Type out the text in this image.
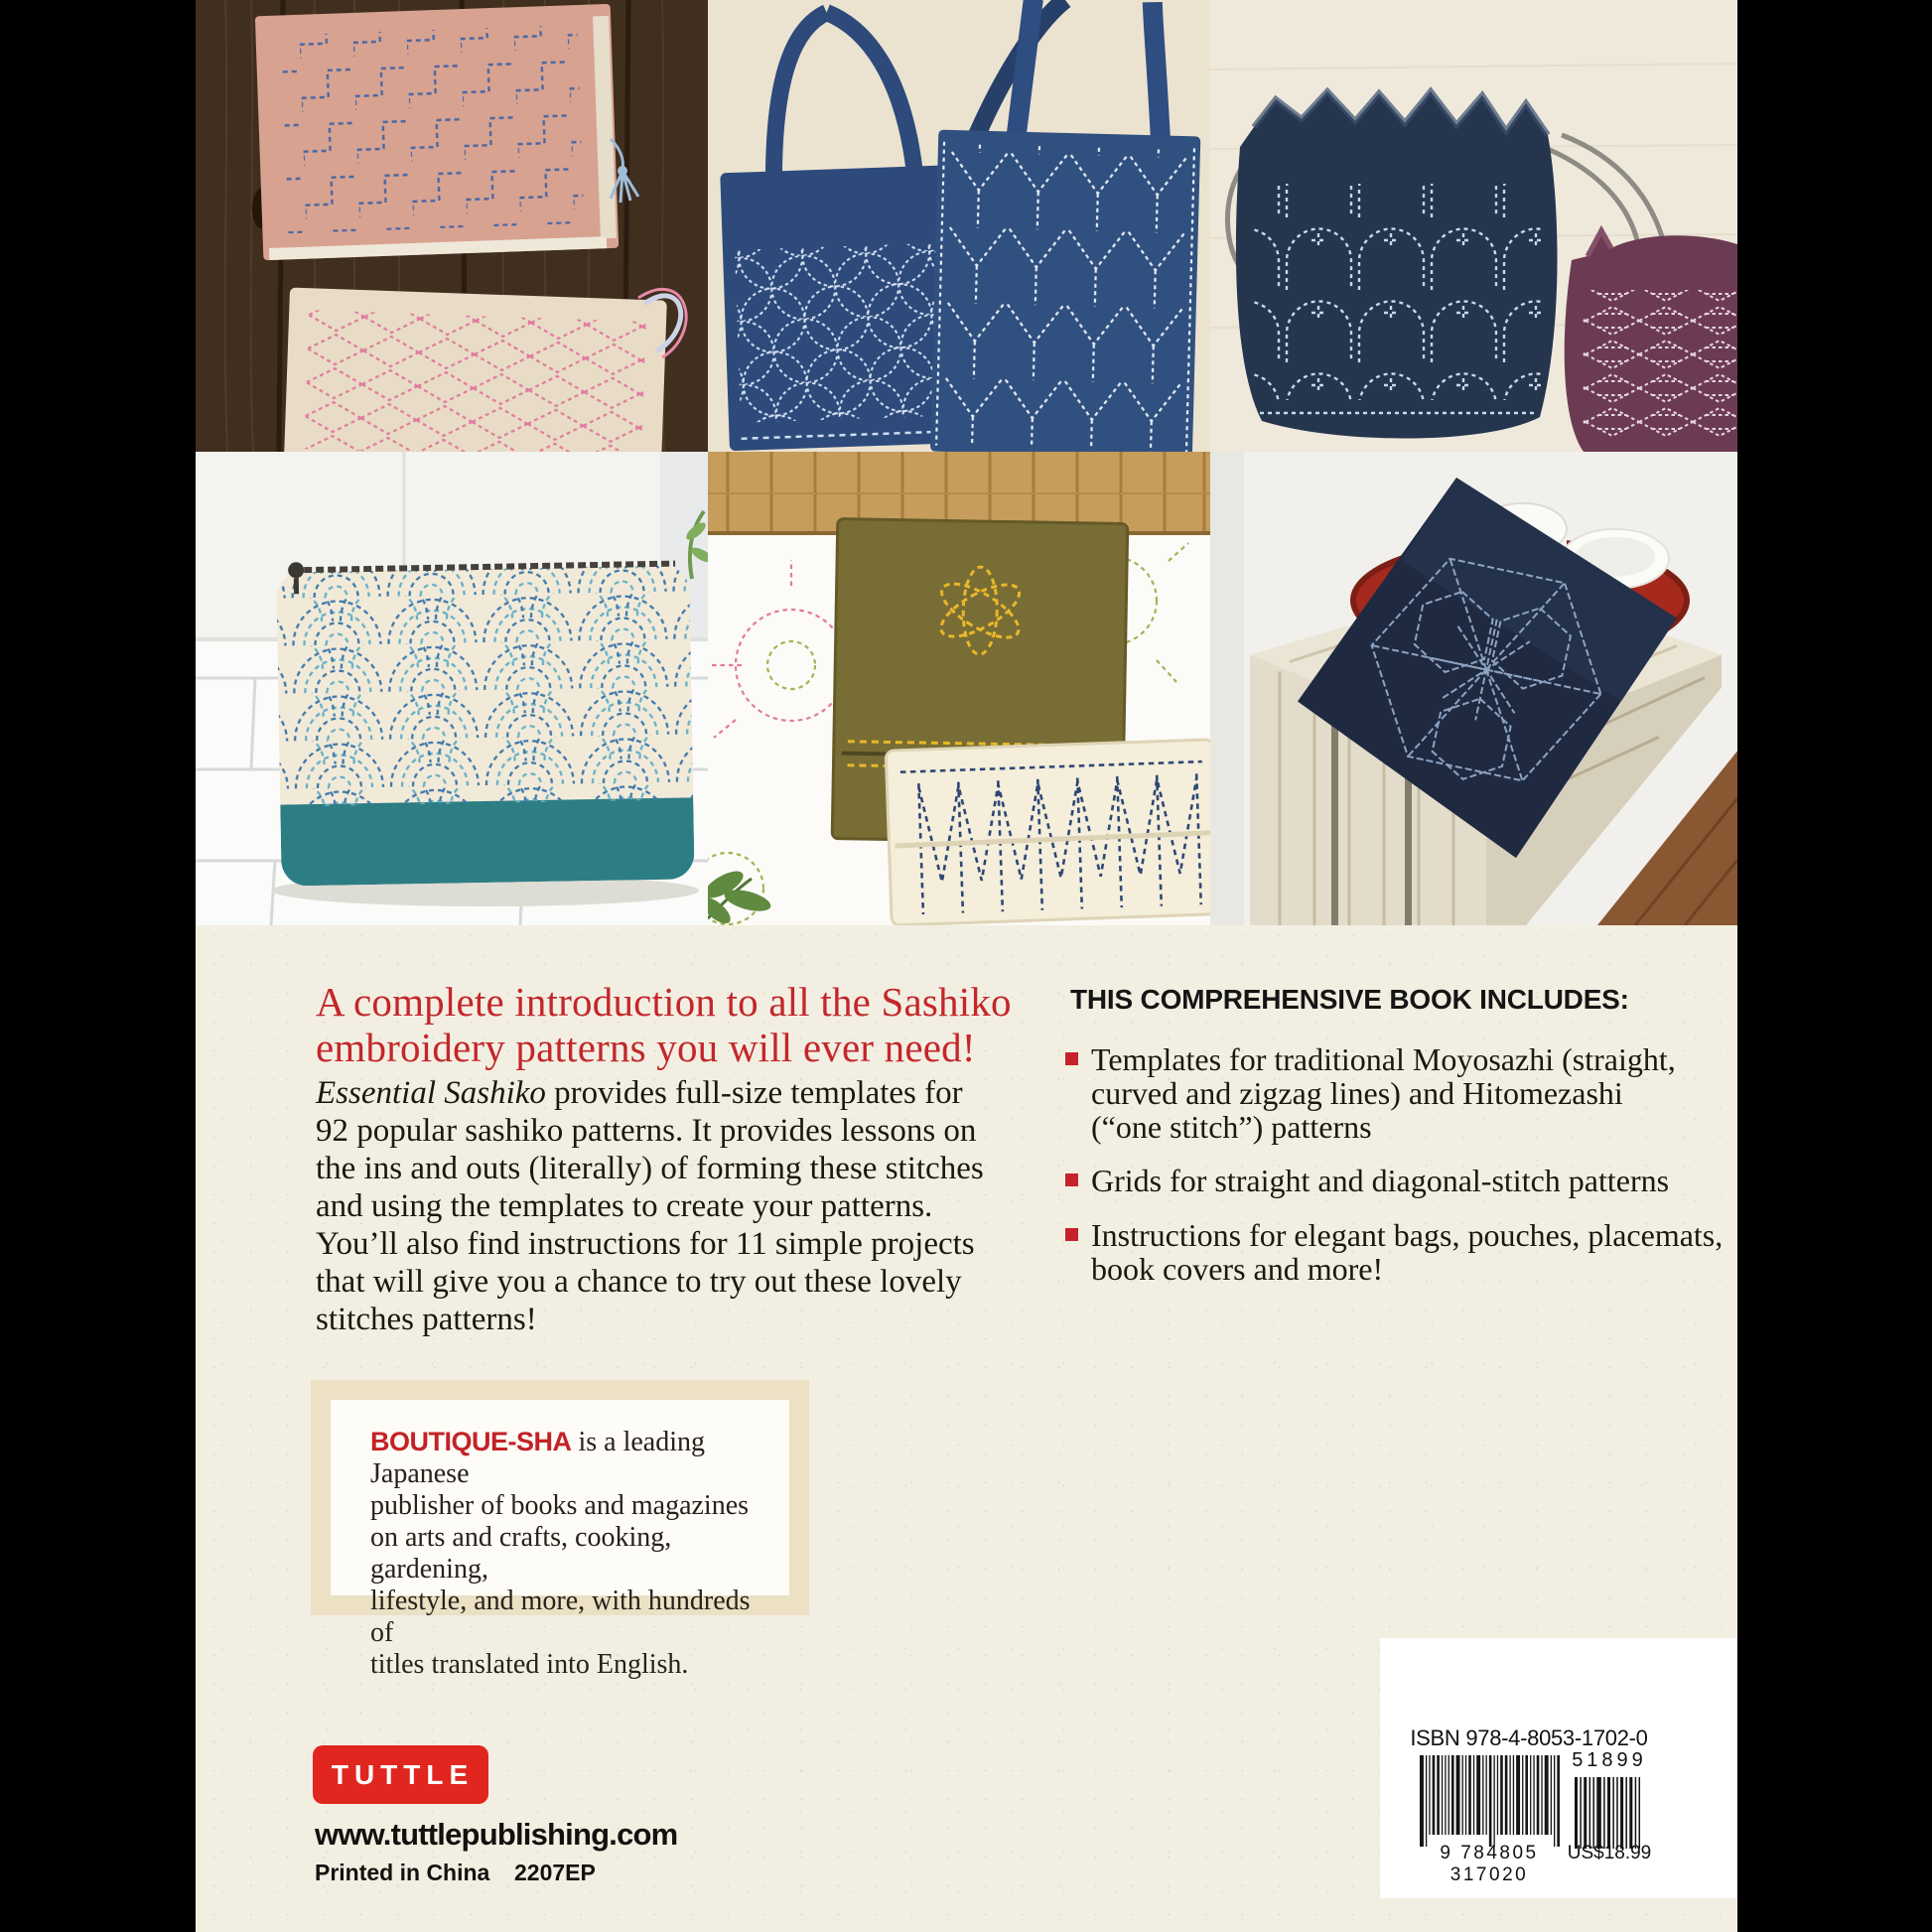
A complete introduction to all the Sashiko
embroidery patterns you will ever need!
Essential Sashiko provides full-size templates for
92 popular sashiko patterns. It provides lessons on
the ins and outs (literally) of forming these stitches
and using the templates to create your patterns.
You’ll also find instructions for 11 simple projects
that will give you a chance to try out these lovely
stitches patterns!
THIS COMPREHENSIVE BOOK INCLUDES:
Templates for traditional Moyosazhi (straight,
curved and zigzag lines) and Hitomezashi
(“one stitch”) patterns
Grids for straight and diagonal-stitch patterns
Instructions for elegant bags, pouches, placemats,
book covers and more!
BOUTIQUE-SHA is a leading Japanese
publisher of books and magazines
on arts and crafts, cooking, gardening,
lifestyle, and more, with hundreds of
titles translated into English.
TUTTLE
www.tuttlepublishing.com
Printed in China 2207EP
ISBN 978-4-8053-1702-0
51899
9 784805 317020
US$18.99
